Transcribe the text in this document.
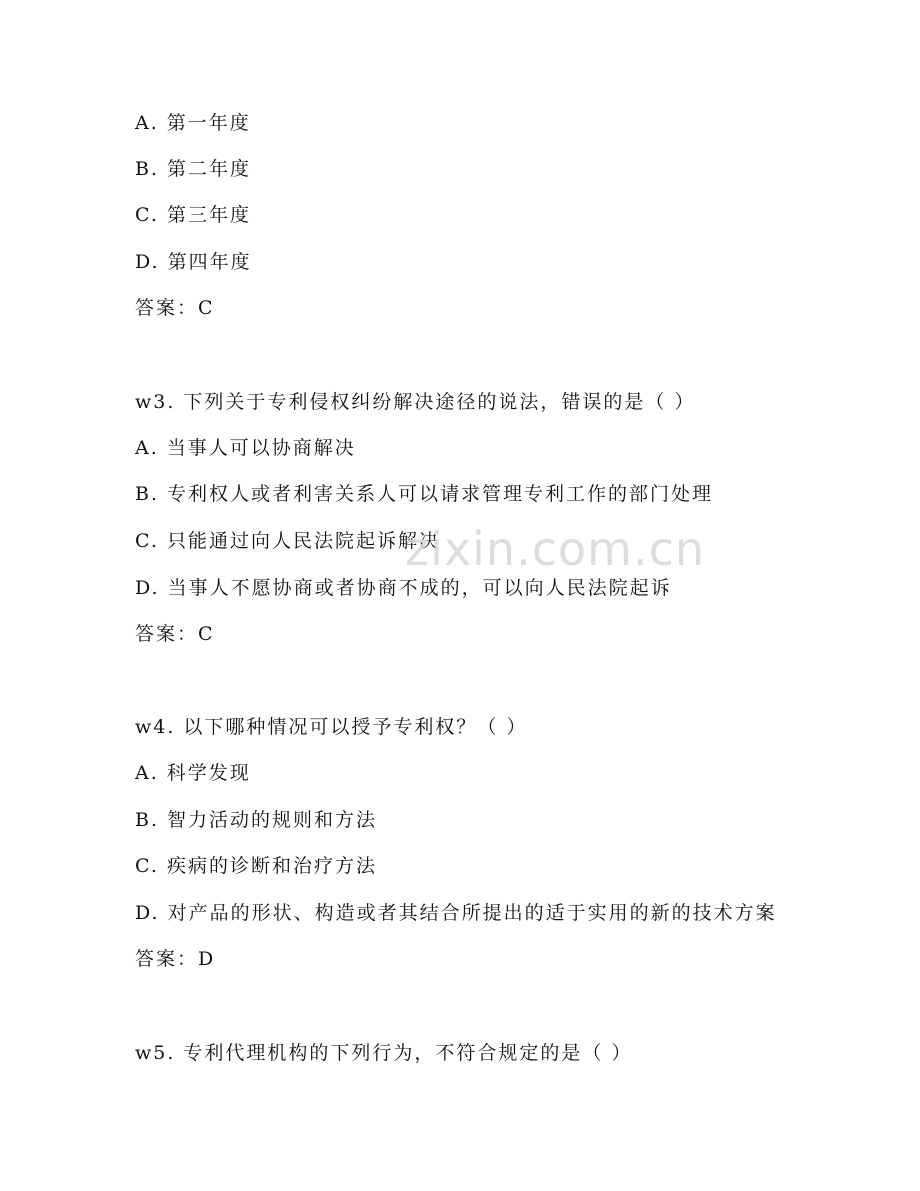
A. 第一年度
B. 第二年度
C. 第三年度
D. 第四年度
答案：C
w3. 下列关于专利侵权纠纷解决途径的说法，错误的是（ ）
A. 当事人可以协商解决
B. 专利权人或者利害关系人可以请求管理专利工作的部门处理
C. 只能通过向人民法院起诉解决
D. 当事人不愿协商或者协商不成的，可以向人民法院起诉
答案：C
w4. 以下哪种情况可以授予专利权？（ ）
A. 科学发现
B. 智力活动的规则和方法
C. 疾病的诊断和治疗方法
D. 对产品的形状、构造或者其结合所提出的适于实用的新的技术方案
答案：D
w5. 专利代理机构的下列行为，不符合规定的是（ ）
zixin.com.cn
